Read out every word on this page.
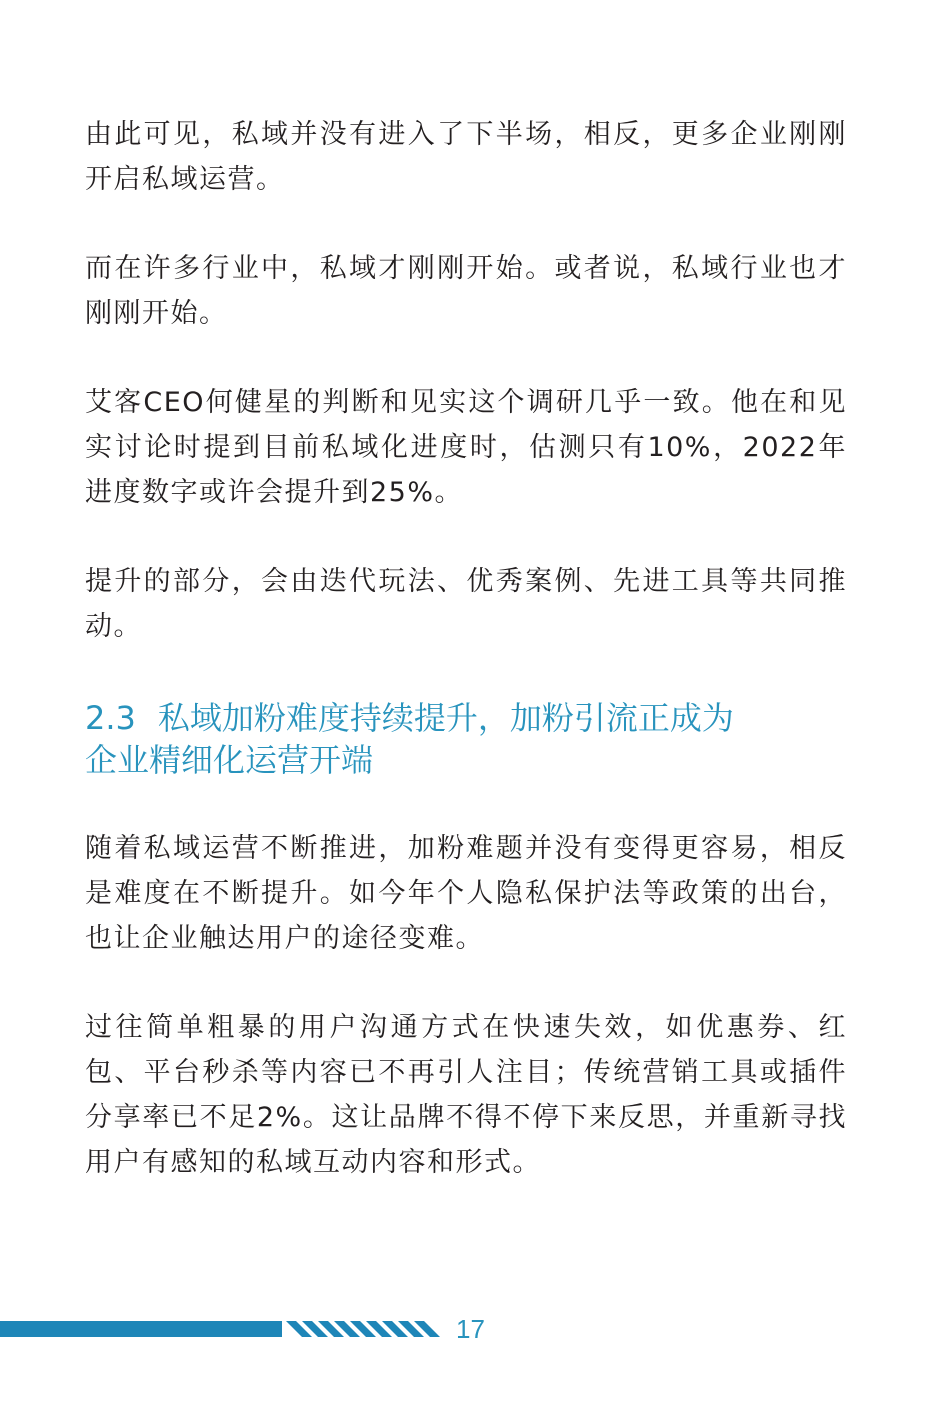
由此可见，私域并没有进入了下半场，相反，更多企业刚刚开启私域运营。

而在许多行业中，私域才刚刚开始。或者说，私域行业也才刚刚开始。

艾客CEO何健星的判断和见实这个调研几乎一致。他在和见实讨论时提到目前私域化进度时，估测只有10%，2022年进度数字或许会提升到25%。

提升的部分，会由迭代玩法、优秀案例、先进工具等共同推动。

2.3 私域加粉难度持续提升，加粉引流正成为
企业精细化运营开端

随着私域运营不断推进，加粉难题并没有变得更容易，相反是难度在不断提升。如今年个人隐私保护法等政策的出台，也让企业触达用户的途径变难。

过往简单粗暴的用户沟通方式在快速失效，如优惠券、红包、平台秒杀等内容已不再引人注目；传统营销工具或插件分享率已不足2%。这让品牌不得不停下来反思，并重新寻找用户有感知的私域互动内容和形式。

17
